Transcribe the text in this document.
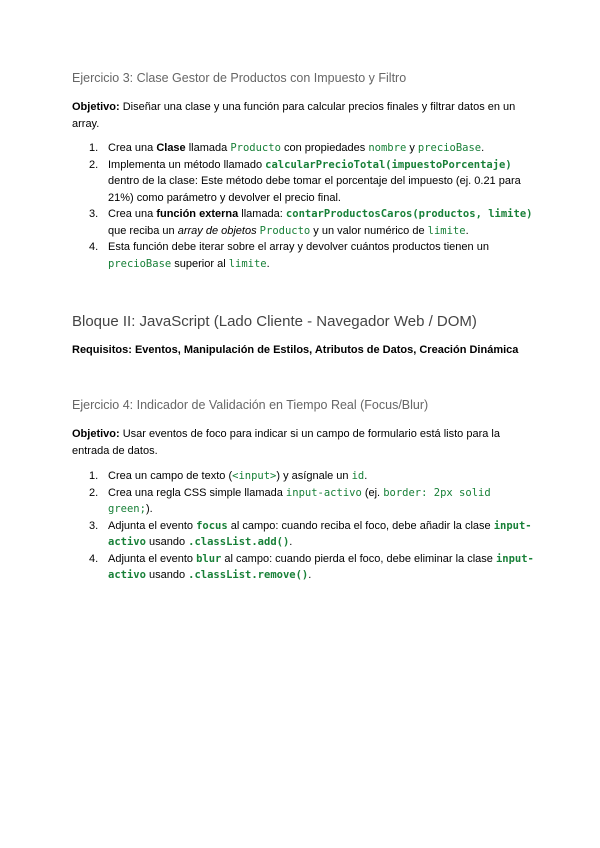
Ejercicio 3: Clase Gestor de Productos con Impuesto y Filtro
Objetivo: Diseñar una clase y una función para calcular precios finales y filtrar datos en un array.
1. Crea una Clase llamada Producto con propiedades nombre y precioBase.
2. Implementa un método llamado calcularPrecioTotal(impuestoPorcentaje) dentro de la clase: Este método debe tomar el porcentaje del impuesto (ej. 0.21 para 21%) como parámetro y devolver el precio final.
3. Crea una función externa llamada: contarProductosCaros(productos, limite) que reciba un array de objetos Producto y un valor numérico de limite.
4. Esta función debe iterar sobre el array y devolver cuántos productos tienen un precioBase superior al limite.
Bloque II: JavaScript (Lado Cliente - Navegador Web / DOM)
Requisitos: Eventos, Manipulación de Estilos, Atributos de Datos, Creación Dinámica
Ejercicio 4: Indicador de Validación en Tiempo Real (Focus/Blur)
Objetivo: Usar eventos de foco para indicar si un campo de formulario está listo para la entrada de datos.
1. Crea un campo de texto (<input>) y asígnale un id.
2. Crea una regla CSS simple llamada input-activo (ej. border: 2px solid green;).
3. Adjunta el evento focus al campo: cuando reciba el foco, debe añadir la clase input-activo usando .classList.add().
4. Adjunta el evento blur al campo: cuando pierda el foco, debe eliminar la clase input-activo usando .classList.remove().
